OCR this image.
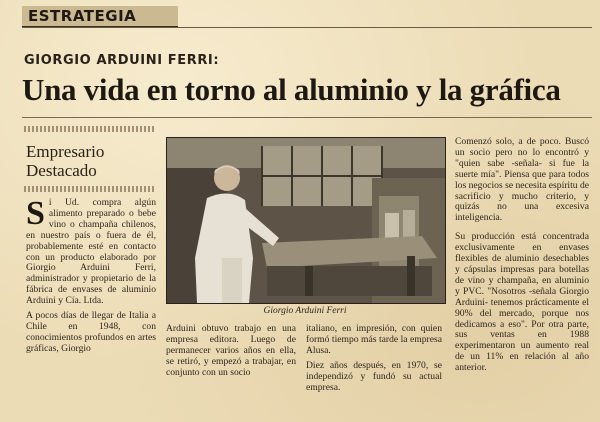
ESTRATEGIA
GIORGIO ARDUINI FERRI:
Una vida en torno al aluminio y la gráfica
Empresario
Destacado

Si Ud. compra algún alimento preparado o bebe vino o champaña chilenos, en nuestro país o fuera de él, probablemente esté en contacto con un producto elaborado por Giorgio Arduini Ferri, administrador y propietario de la fábrica de envases de aluminio Arduini y Cía. Ltda.

A pocos días de llegar de Italia a Chile en 1948, con conocimientos profundos en artes gráficas, Giorgio

Giorgio Arduini Ferri

Arduini obtuvo trabajo en una empresa editora. Luego de permanecer varios años en ella, se retiró, y empezó a trabajar, en conjunto con un socio

italiano, en impresión, con quien formó tiempo más tarde la empresa Alusa.

Diez años después, en 1970, se independizó y fundó su actual empresa.

Comenzó solo, a de poco. Buscó un socio pero no lo encontró y "quien sabe -señala- si fue la suerte mía". Piensa que para todos los negocios se necesita espíritu de sacrificio y mucho criterio, y quizás no una excesiva inteligencia.

Su producción está concentrada exclusivamente en envases flexibles de aluminio desechables y cápsulas impresas para botellas de vino y champaña, en aluminio y PVC. "Nosotros -señala Giorgio Arduini- tenemos prácticamente el 90% del mercado, porque nos dedicamos a eso". Por otra parte, sus ventas en 1988 experimentaron un aumento real de un 11% en relación al año anterior.
